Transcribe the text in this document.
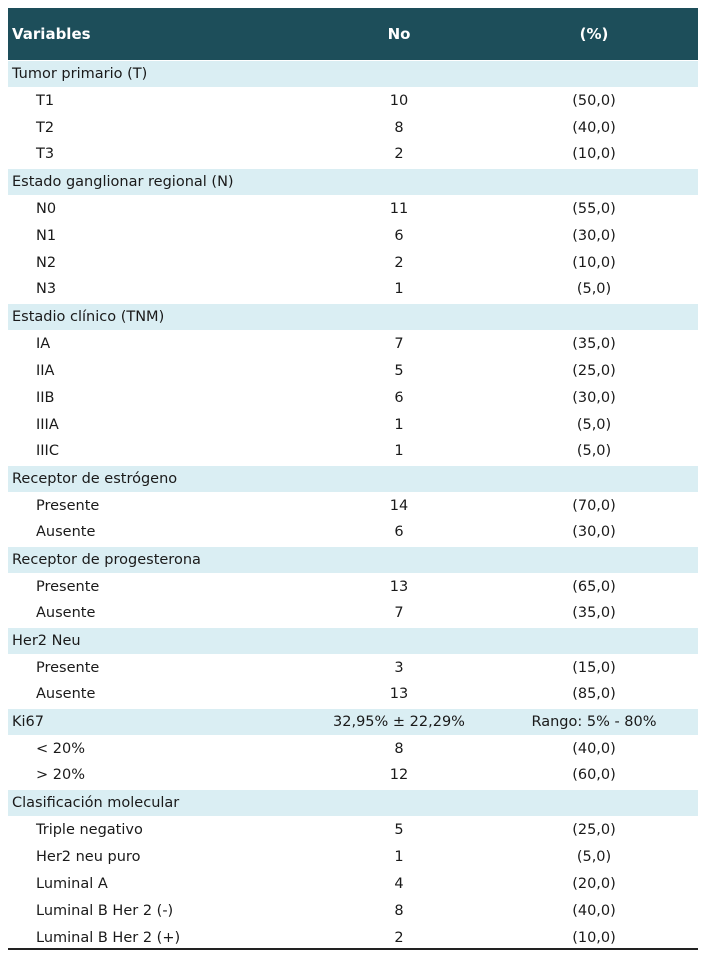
Variables	No	(%)
Tumor primario (T)		
T1	10	(50,0)
T2	8	(40,0)
T3	2	(10,0)
Estado ganglionar regional (N)		
N0	11	(55,0)
N1	6	(30,0)
N2	2	(10,0)
N3	1	(5,0)
Estadio clínico (TNM)		
IA	7	(35,0)
IIA	5	(25,0)
IIB	6	(30,0)
IIIA	1	(5,0)
IIIC	1	(5,0)
Receptor de estrógeno		
Presente	14	(70,0)
Ausente	6	(30,0)
Receptor de progesterona		
Presente	13	(65,0)
Ausente	7	(35,0)
Her2 Neu		
Presente	3	(15,0)
Ausente	13	(85,0)
Ki67	32,95% ± 22,29%	Rango: 5% - 80%
< 20%	8	(40,0)
> 20%	12	(60,0)
Clasificación molecular		
Triple negativo	5	(25,0)
Her2 neu puro	1	(5,0)
Luminal A	4	(20,0)
Luminal B Her 2 (-)	8	(40,0)
Luminal B Her 2 (+)	2	(10,0)
